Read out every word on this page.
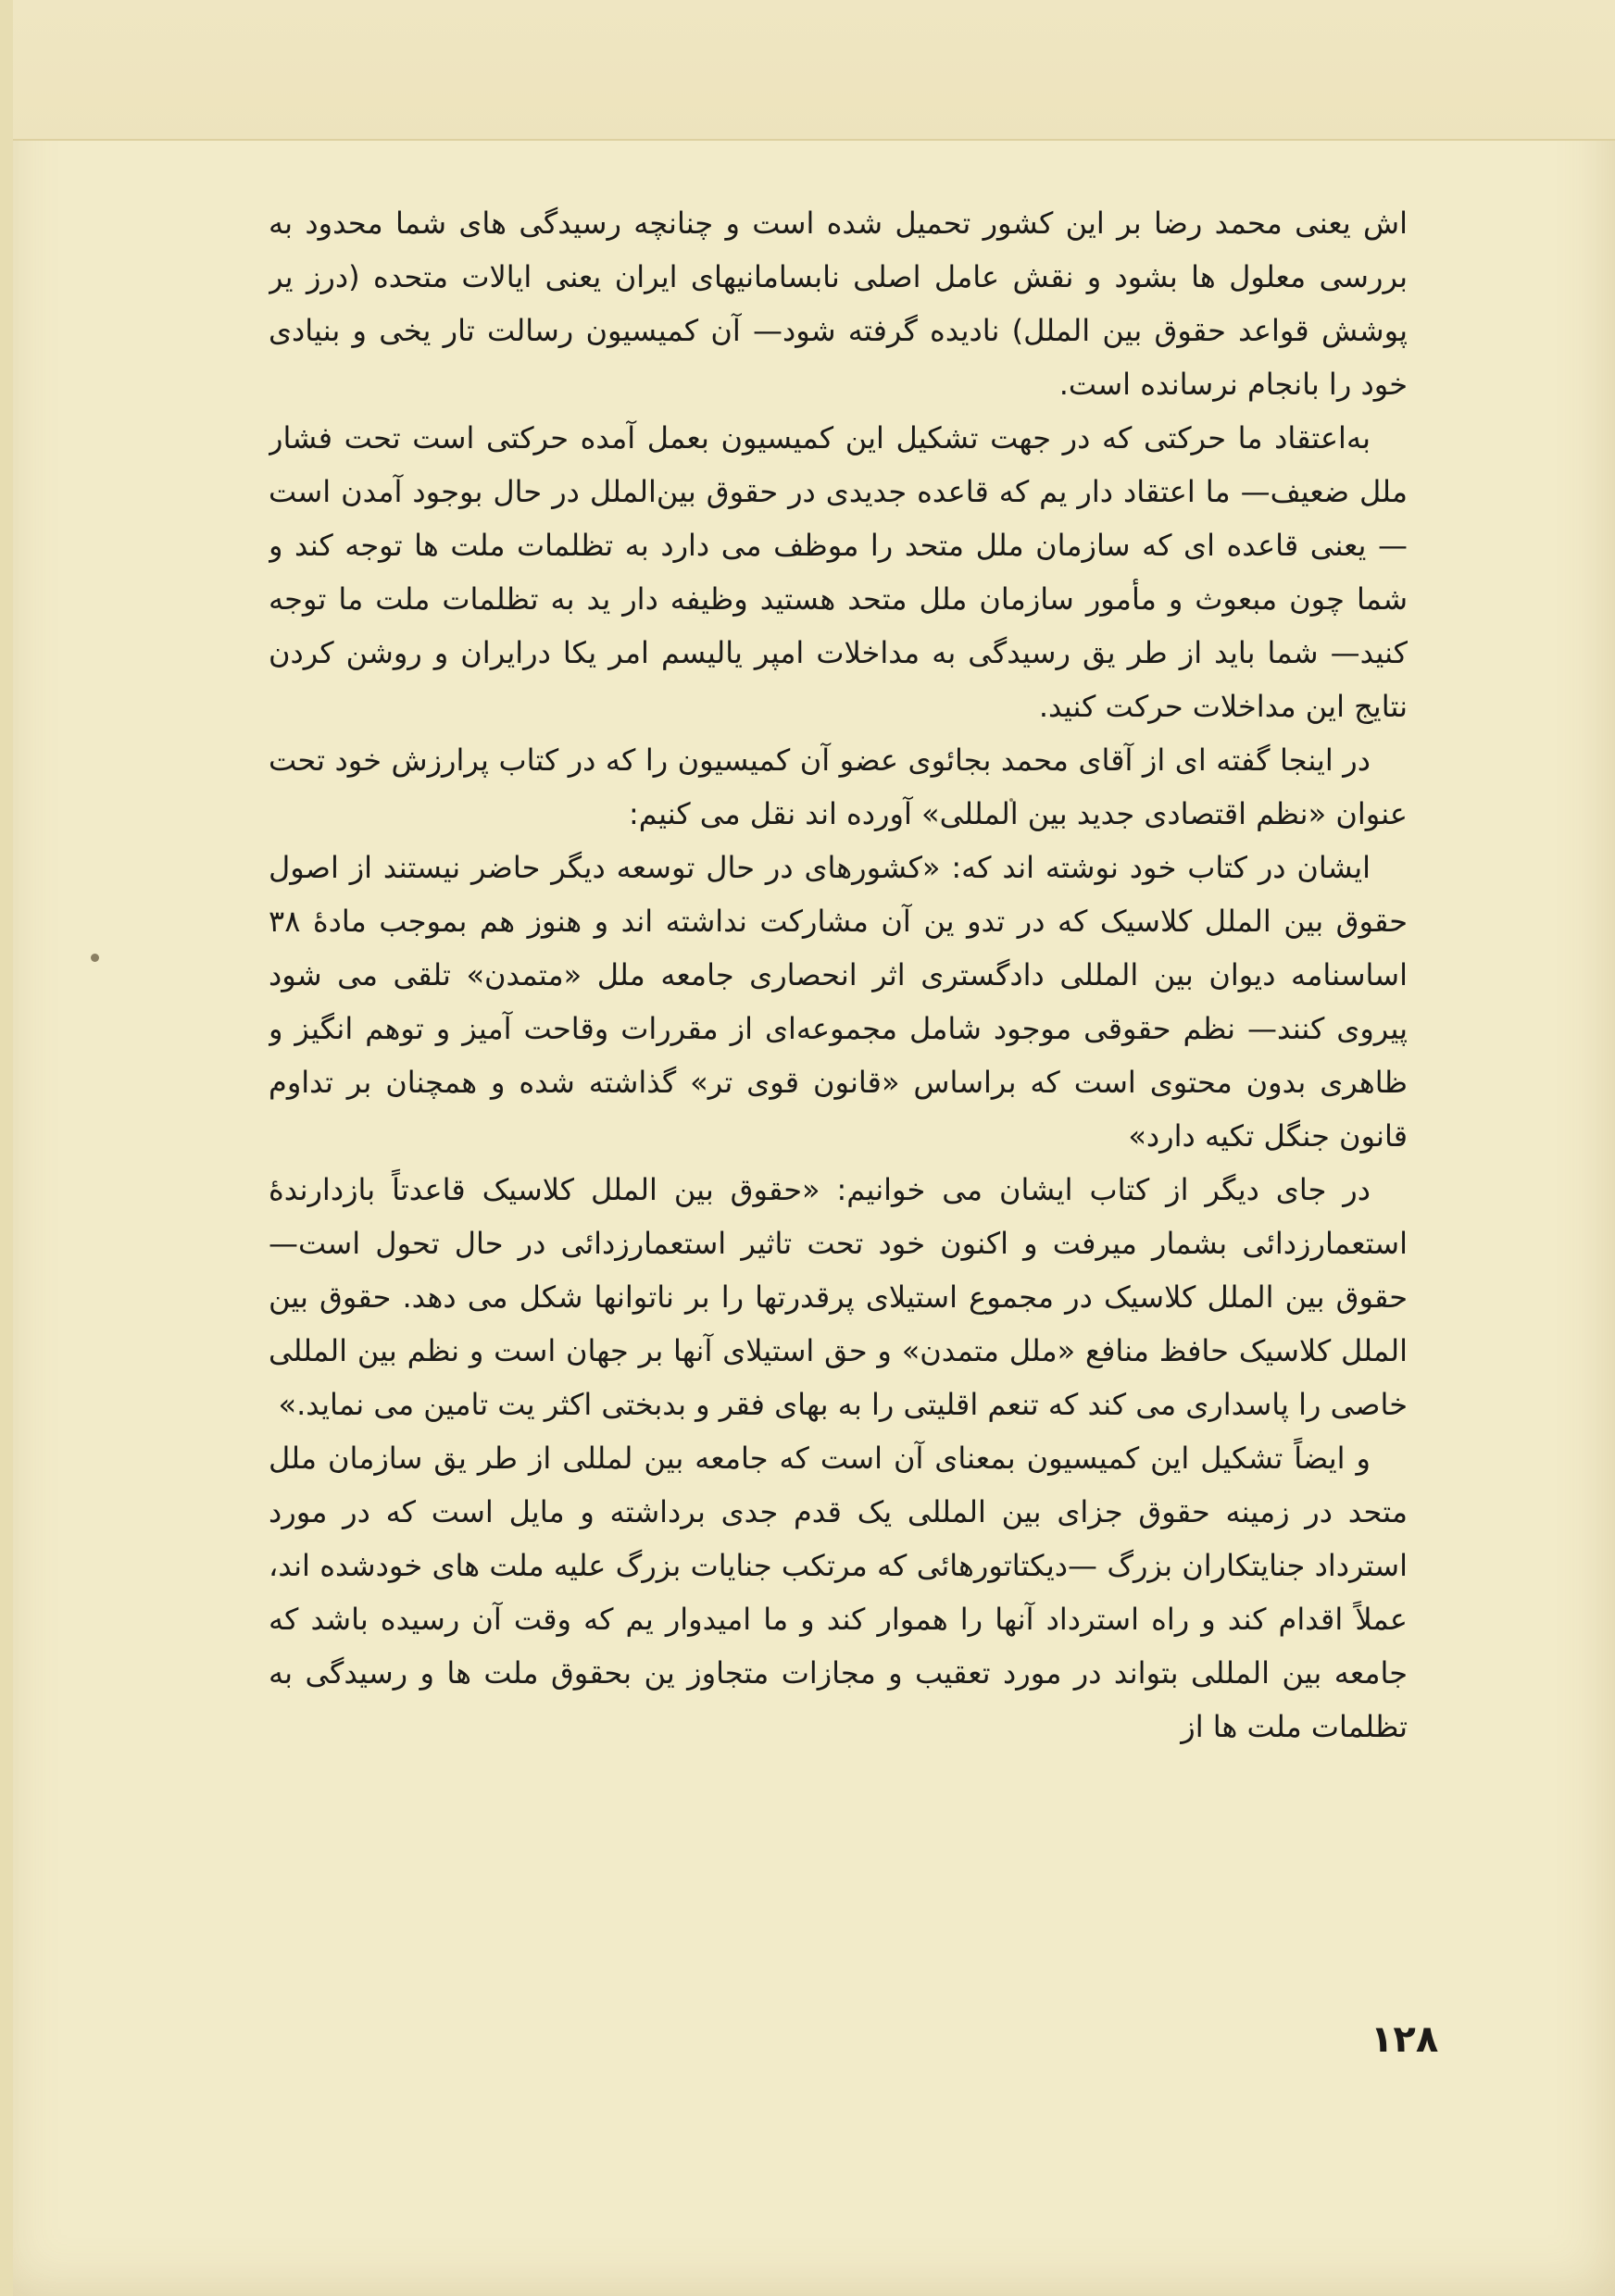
اش یعنی محمد رضا بر این کشور تحمیل شده است و چنانچه رسیدگی های شما محدود به بررسی معلول ها بشود و نقش عامل اصلی نابسامانیهای ایران یعنی ایالات متحده (درز یر پوشش قواعد حقوق بین الملل) نادیده گرفته شود— آن کمیسیون رسالت تار یخی و بنیادی خود را بانجام نرسانده است.

به‌اعتقاد ما حرکتی که در جهت تشکیل این کمیسیون بعمل آمده حرکتی است تحت فشار ملل ضعیف— ما اعتقاد دار یم که قاعده جدیدی در حقوق بین‌الملل در حال بوجود آمدن است— یعنی قاعده ای که سازمان ملل متحد را موظف می دارد به تظلمات ملت ها توجه کند و شما چون مبعوث و مأمور سازمان ملل متحد هستید وظیفه دار ید به تظلمات ملت ما توجه کنید— شما باید از طر یق رسیدگی به مداخلات امپر یالیسم امر یکا درایران و روشن کردن نتایج این مداخلات حرکت کنید.

در اینجا گفته ای از آقای محمد بجائوی عضو آن کمیسیون را که در کتاب پرارزش خود تحت عنوان «نظم اقتصادی جدید بین المللی» آورده اند نقل می کنیم:

ایشان در کتاب خود نوشته اند که: «کشورهای در حال توسعه دیگر حاضر نیستند از اصول حقوق بین الملل کلاسیک که در تدو ین آن مشارکت نداشته اند و هنوز هم بموجب مادۀ ۳۸ اساسنامه دیوان بین المللی دادگستری اثر انحصاری جامعه ملل «متمدن» تلقی می شود پیروی کنند— نظم حقوقی موجود شامل مجموعه‌ای از مقررات وقاحت آمیز و توهم انگیز و ظاهری بدون محتوی است که براساس «قانون قوی تر» گذاشته شده و همچنان بر تداوم قانون جنگل تکیه دارد»

در جای دیگر از کتاب ایشان می خوانیم: «حقوق بین الملل کلاسیک قاعدتاً بازدارندۀ استعمارزدائی بشمار میرفت و اکنون خود تحت تاثیر استعمارزدائی در حال تحول است— حقوق بین الملل کلاسیک در مجموع استیلای پرقدرتها را بر ناتوانها شکل می دهد. حقوق بین الملل کلاسیک حافظ منافع «ملل متمدن» و حق استیلای آنها بر جهان است و نظم بین المللی خاصی را پاسداری می کند که تنعم اقلیتی را به بهای فقر و بدبختی اکثر یت تامین می نماید.»

و ایضاً تشکیل این کمیسیون بمعنای آن است که جامعه بین لمللی از طر یق سازمان ملل متحد در زمینه حقوق جزای بین المللی یک قدم جدی برداشته و مایل است که در مورد استرداد جنایتکاران بزرگ —دیکتاتورهائی که مرتکب جنایات بزرگ علیه ملت های خودشده اند، عملاً اقدام کند و راه استرداد آنها را هموار کند و ما امیدوار یم که وقت آن رسیده باشد که جامعه بین المللی بتواند در مورد تعقیب و مجازات متجاوز ین بحقوق ملت ها و رسیدگی به تظلمات ملت ها از

۱۲۸
